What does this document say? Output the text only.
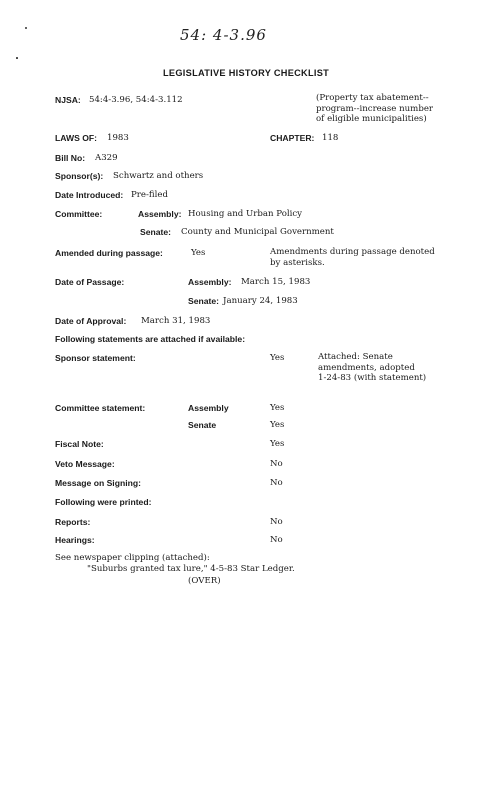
54: 4-3.96
LEGISLATIVE HISTORY CHECKLIST
NJSA: 54:4-3.96, 54:4-3.112	(Property tax abatement--
program--increase number
of eligible municipalities)
LAWS OF: 1983	CHAPTER: 118
Bill No: A329
Sponsor(s): Schwartz and others
Date Introduced: Pre-filed
Committee:	Assembly: Housing and Urban Policy
Senate: County and Municipal Government
Amended during passage:	Yes	Amendments during passage denoted
by asterisks.
Date of Passage:	Assembly: March 15, 1983
Senate: January 24, 1983
Date of Approval: March 31, 1983
Following statements are attached if available:
Sponsor statement:	Yes	Attached: Senate
amendments, adopted
1-24-83 (with statement)
Committee statement:	Assembly	Yes
Senate	Yes
Fiscal Note:	Yes
Veto Message:	No
Message on Signing:	No
Following were printed:
Reports:	No
Hearings:	No
See newspaper clipping (attached):
"Suburbs granted tax lure," 4-5-83 Star Ledger.
(OVER)
